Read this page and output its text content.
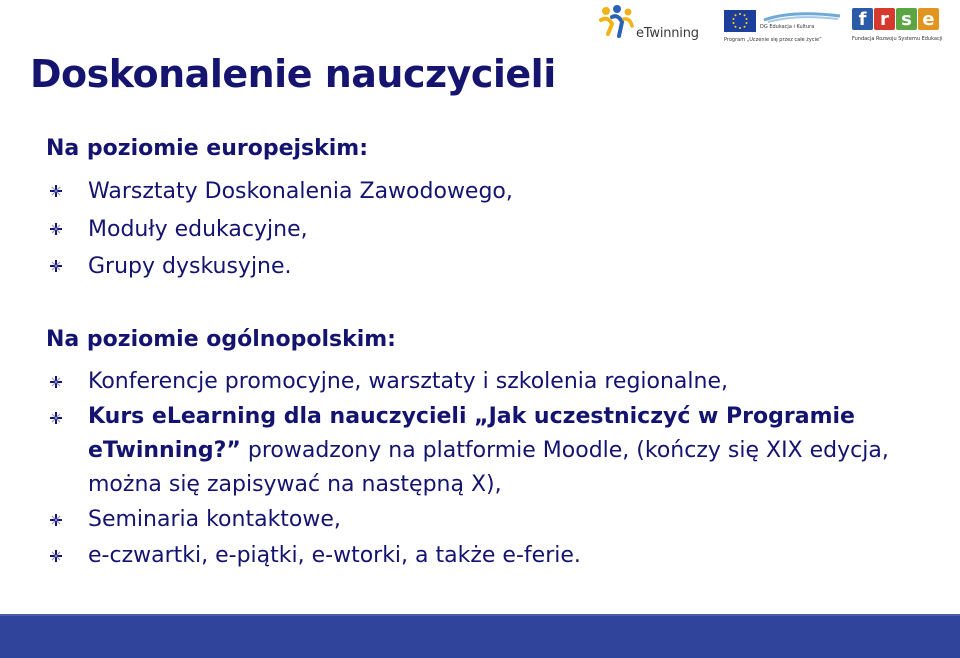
eTwinning	DG Edukacja i Kultura
Program „Uczenie się przez całe życie”
f r s e
Fundacja Rozwoju Systemu Edukacji
Doskonalenie nauczycieli
Na poziomie europejskim:
Warsztaty Doskonalenia Zawodowego,
Moduły edukacyjne,
Grupy dyskusyjne.
Na poziomie ogólnopolskim:
Konferencje promocyjne, warsztaty i szkolenia regionalne,
Kurs eLearning dla nauczycieli „Jak uczestniczyć w Programie eTwinning?” prowadzony na platformie Moodle, (kończy się XIX edycja, można się zapisywać na następną X),
Seminaria kontaktowe,
e-czwartki, e-piątki, e-wtorki, a także e-ferie.
